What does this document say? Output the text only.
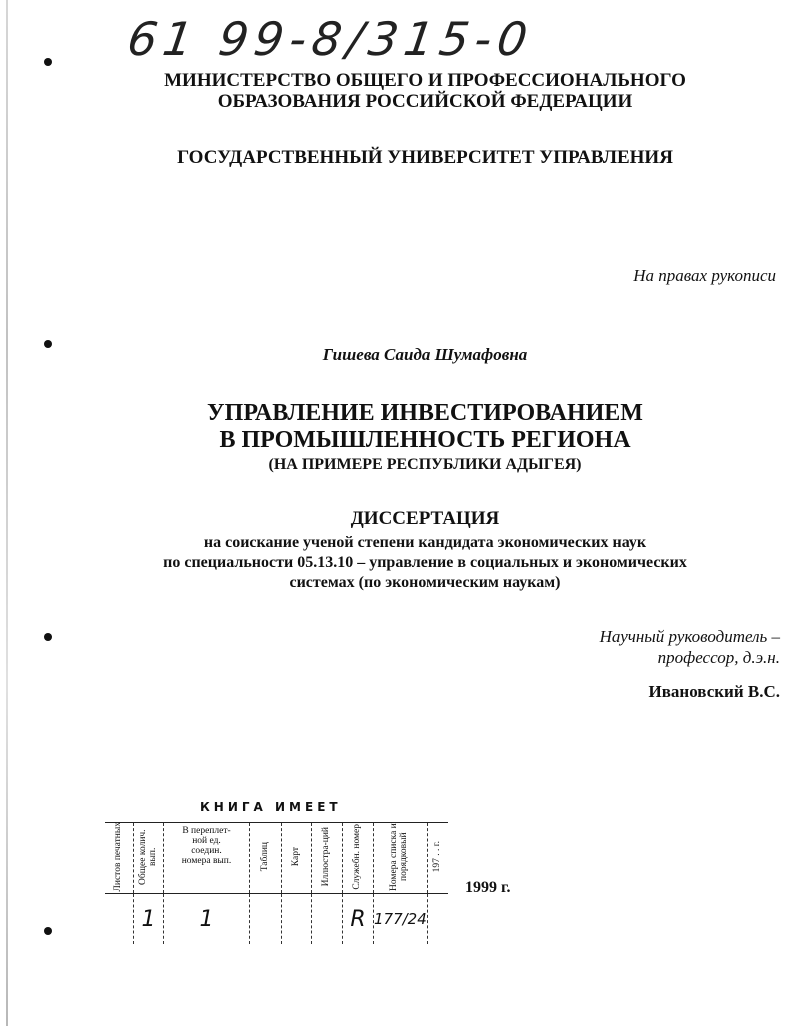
61 99-8/315-0
МИНИСТЕРСТВО ОБЩЕГО И ПРОФЕССИОНАЛЬНОГО
ОБРАЗОВАНИЯ РОССИЙСКОЙ ФЕДЕРАЦИИ
ГОСУДАРСТВЕННЫЙ УНИВЕРСИТЕТ УПРАВЛЕНИЯ
На правах рукописи
Гишева Саида Шумафовна
УПРАВЛЕНИЕ ИНВЕСТИРОВАНИЕМ
В ПРОМЫШЛЕННОСТЬ РЕГИОНА
(НА ПРИМЕРЕ РЕСПУБЛИКИ АДЫГЕЯ)
ДИССЕРТАЦИЯ
на соискание ученой степени кандидата экономических наук
по специальности 05.13.10 – управление в социальных и экономических
системах (по экономическим наукам)
Научный руководитель –
профессор, д.э.н.
Ивановский В.С.
КНИГА ИМЕЕТ
Листов печатных	Общее колич. вып.	В переплет-ной ед. соедин. номера вып.	Таблиц	Карт	Иллюстра-ций	Служебн. номер	Номера списка и порядковый	197 . . г.
	1	1				R	177/24	
1999 г.
